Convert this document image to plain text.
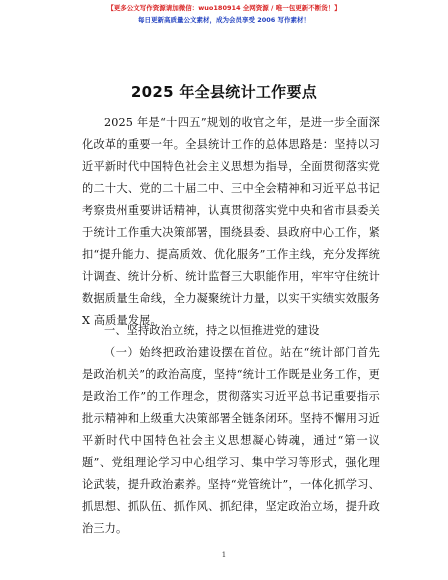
【更多公文写作资源请加微信：wuo180914 全网资源 / 唯一包更新不断货！】
每日更新高质量公文素材，成为会员享受 2006 写作素材！
2025 年全县统计工作要点
2025 年是“十四五”规划的收官之年，是进一步全面深化改革的重要一年。全县统计工作的总体思路是：坚持以习近平新时代中国特色社会主义思想为指导，全面贯彻落实党的二十大、党的二十届二中、三中全会精神和习近平总书记考察贵州重要讲话精神，认真贯彻落实党中央和省市县委关于统计工作重大决策部署，围绕县委、县政府中心工作，紧扣“提升能力、提高质效、优化服务”工作主线，充分发挥统计调查、统计分析、统计监督三大职能作用，牢牢守住统计数据质量生命线，全力凝聚统计力量，以实干实绩实效服务 X 高质量发展。
一、坚持政治立统，持之以恒推进党的建设
（一）始终把政治建设摆在首位。站在“统计部门首先是政治机关”的政治高度，坚持“统计工作既是业务工作，更是政治工作”的工作理念，贯彻落实习近平总书记重要指示批示精神和上级重大决策部署全链条闭环。坚持不懈用习近平新时代中国特色社会主义思想凝心铸魂，通过“第一议题”、党组理论学习中心组学习、集中学习等形式，强化理论武装，提升政治素养。坚持“党管统计”，一体化抓学习、抓思想、抓队伍、抓作风、抓纪律，坚定政治立场，提升政治三力。
1
